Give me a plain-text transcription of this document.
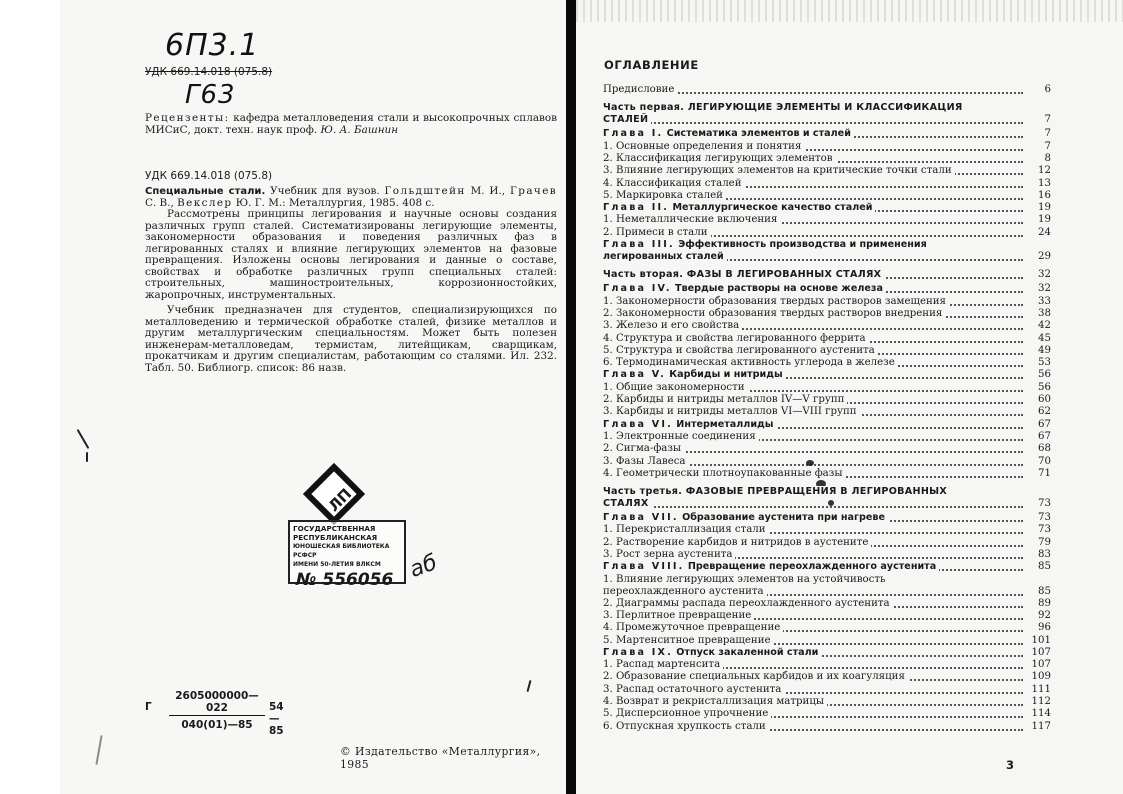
6П3.1
УДК 669.14.018 (075.8)
Г63
Рецензенты: кафедра металловедения стали и высокопрочных сплавов МИСиС, докт. техн. наук проф. Ю. А. Башнин
УДК 669.14.018 (075.8)

Специальные стали. Учебник для вузов. Гольдштейн М. И., Грачев С. В., Векслер Ю. Г. М.: Металлургия, 1985. 408 с.

Рассмотрены принципы легирования и научные основы создания различных групп сталей. Систематизированы легирующие элементы, закономерности образования и поведения различных фаз в легированных сталях и влияние легирующих элементов на фазовые превращения. Изложены основы легирования и данные о составе, свойствах и обработке различных групп специальных сталей: строительных, машиностроительных, коррозионностойких, жаропрочных, инструментальных.

Учебник предназначен для студентов, специализирующихся по металловедению и термической обработке сталей, физике металлов и другим металлургическим специальностям. Может быть полезен инженерам-металловедам, термистам, литейщикам, сварщикам, прокатчикам и другим специалистам, работающим со сталями. Ил. 232. Табл. 50. Библиогр. список: 86 назв.

ЛП
ГОСУДАРСТВЕННАЯ
РЕСПУБЛИКАНСКАЯ
ЮНОШЕСКАЯ БИБЛИОТЕКА РСФСР
ИМЕНИ 50-ЛЕТИЯ ВЛКСМ
№ 556056 аб
Г $\frac{2605000000—022}{040(01)—85}$ 54—85
© Издательство «Металлургия», 1985
ОГЛАВЛЕНИЕ
Предисловие	6
Часть первая. ЛЕГИРУЮЩИЕ ЭЛЕМЕНТЫ И КЛАССИФИКАЦИЯ СТАЛЕЙ	7
Глава I. Систематика элементов и сталей	7
1. Основные определения и понятия	7
2. Классификация легирующих элементов	8
3. Влияние легирующих элементов на критические точки стали	12
4. Классификация сталей	13
5. Маркировка сталей	16
Глава II. Металлургическое качество сталей	19
1. Неметаллические включения	19
2. Примеси в стали	24
Глава III. Эффективность производства и применения легированных сталей	29
Часть вторая. ФАЗЫ В ЛЕГИРОВАННЫХ СТАЛЯХ	32
Глава IV. Твердые растворы на основе железа	32
1. Закономерности образования твердых растворов замещения	33
2. Закономерности образования твердых растворов внедрения	38
3. Железо и его свойства	42
4. Структура и свойства легированного феррита	45
5. Структура и свойства легированного аустенита	49
6. Термодинамическая активность углерода в железе	53
Глава V. Карбиды и нитриды	56
1. Общие закономерности	56
2. Карбиды и нитриды металлов IV—V групп	60
3. Карбиды и нитриды металлов VI—VIII групп	62
Глава VI. Интерметаллиды	67
1. Электронные соединения	67
2. Сигма-фазы	68
3. Фазы Лавеса	70
4. Геометрически плотноупакованные фазы	71
Часть третья. ФАЗОВЫЕ ПРЕВРАЩЕНИЯ В ЛЕГИРОВАННЫХ СТАЛЯХ	73
Глава VII. Образование аустенита при нагреве	73
1. Перекристаллизация стали	73
2. Растворение карбидов и нитридов в аустените	79
3. Рост зерна аустенита	83
Глава VIII. Превращение переохлажденного аустенита	85
1. Влияние легирующих элементов на устойчивость переохлажденного аустенита	85
2. Диаграммы распада переохлажденного аустенита	89
3. Перлитное превращение	92
4. Промежуточное превращение	96
5. Мартенситное превращение	101
Глава IX. Отпуск закаленной стали	107
1. Распад мартенсита	107
2. Образование специальных карбидов и их коагуляция	109
3. Распад остаточного аустенита	111
4. Возврат и рекристаллизация матрицы	112
5. Дисперсионное упрочнение	114
6. Отпускная хрупкость стали	117
3
